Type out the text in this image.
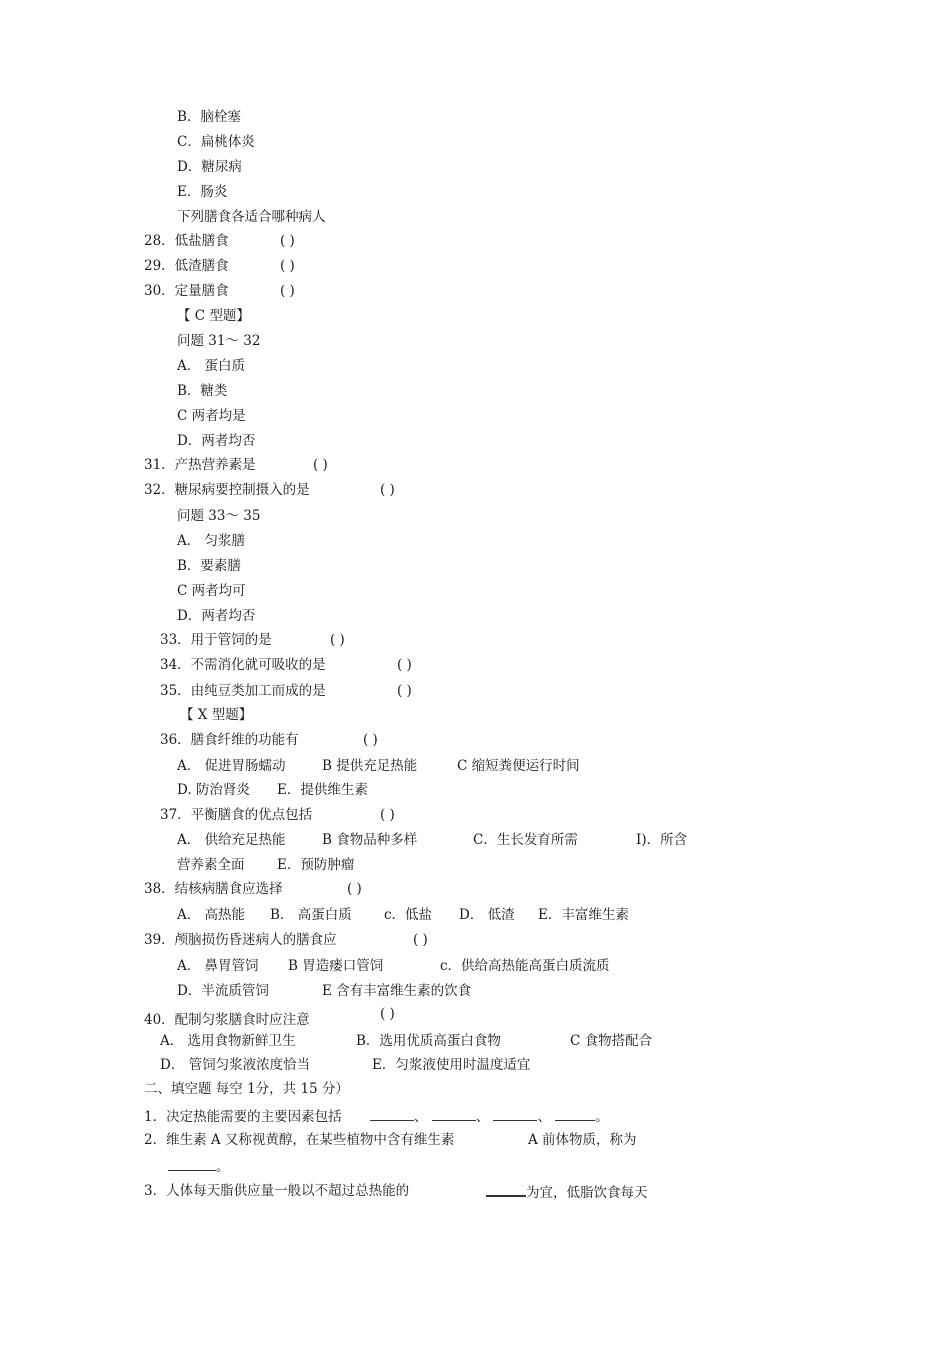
B．脑栓塞
C．扁桃体炎
D．糖尿病
E．肠炎
下列膳食各适合哪种病人
28．低盐膳食	( )
29．低渣膳食	( )
30．定量膳食	( )
【 C 型题】
问题 31～ 32
A． 蛋白质
B．糖类
C 两者均是
D．两者均否
31．产热营养素是	( )
32．糖尿病要控制摄入的是	( )
问题 33～ 35
A． 匀浆膳
B．要素膳
C 两者均可
D．两者均否
33．用于管饲的是	( )
34．不需消化就可吸收的是	( )
35．由纯豆类加工而成的是	( )
【 X 型题】
36．膳食纤维的功能有	( )
A． 促进胃肠蠕动	B 提供充足热能	C 缩短粪便运行时间
D. 防治肾炎 E．提供维生素
37．平衡膳食的优点包括	( )
A． 供给充足热能	B 食物品种多样	C．生长发育所需	I)．所含
营养素全面 E．预防肿瘤
38．结核病膳食应选择	( )
A． 高热能 B． 高蛋白质 c．低盐 D． 低渣 E．丰富维生素
39．颅脑损伤昏迷病人的膳食应	( )
A． 鼻胃管饲 B 胃造瘘口管饲	c．供给高热能高蛋白质流质
D．半流质管饲	E 含有丰富维生素的饮食
( )
40．配制匀浆膳食时应注意
A． 选用食物新鲜卫生	B．选用优质高蛋白食物	C 食物搭配合
D． 管饲匀浆液浓度恰当	E．匀浆液使用时温度适宜
二、填空题 每空 1分，共 15 分）
1．决定热能需要的主要因素包括	、	、	、	。
2．维生素 A 又称视黄醇，在某些植物中含有维生素	A 前体物质，称为
。
3．人体每天脂供应量一般以不超过总热能的	为宜，低脂饮食每天
